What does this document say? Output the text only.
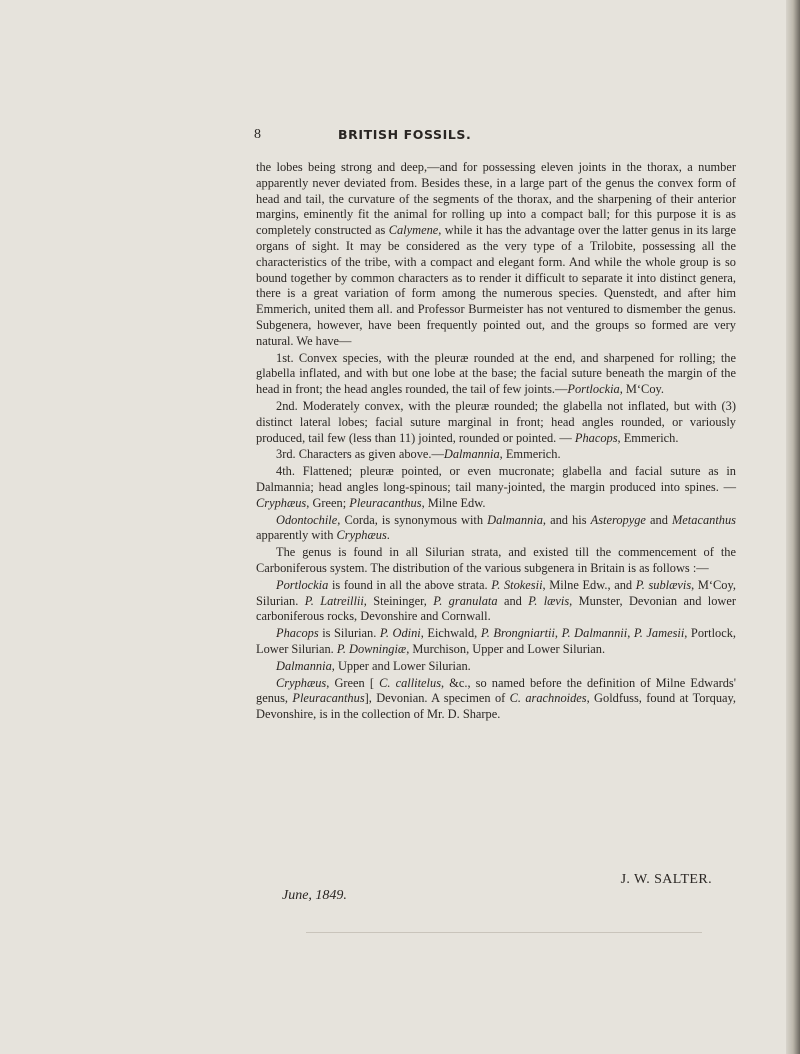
8	BRITISH FOSSILS.

the lobes being strong and deep,—and for possessing eleven joints in the thorax, a number apparently never deviated from. Besides these, in a large part of the genus the convex form of head and tail, the curvature of the segments of the thorax, and the sharpening of their anterior margins, eminently fit the animal for rolling up into a compact ball; for this purpose it is as completely constructed as Calymene, while it has the advantage over the latter genus in its large organs of sight. It may be considered as the very type of a Trilobite, possessing all the characteristics of the tribe, with a compact and elegant form. And while the whole group is so bound together by common characters as to render it difficult to separate it into distinct genera, there is a great variation of form among the numerous species. Quenstedt, and after him Emmerich, united them all. and Professor Burmeister has not ventured to dismember the genus. Subgenera, however, have been frequently pointed out, and the groups so formed are very natural. We have—

1st. Convex species, with the pleuræ rounded at the end, and sharpened for rolling; the glabella inflated, and with but one lobe at the base; the facial suture beneath the margin of the head in front; the head angles rounded, the tail of few joints.—Portlockia, M‘Coy.

2nd. Moderately convex, with the pleuræ rounded; the glabella not inflated, but with (3) distinct lateral lobes; facial suture marginal in front; head angles rounded, or variously produced, tail few (less than 11) jointed, rounded or pointed. — Phacops, Emmerich.

3rd. Characters as given above.—Dalmannia, Emmerich.

4th. Flattened; pleuræ pointed, or even mucronate; glabella and facial suture as in Dalmannia; head angles long-spinous; tail many-jointed, the margin produced into spines. —Cryphæus, Green; Pleuracanthus, Milne Edw.

Odontochile, Corda, is synonymous with Dalmannia, and his Asteropyge and Metacanthus apparently with Cryphæus.

The genus is found in all Silurian strata, and existed till the commencement of the Carboniferous system. The distribution of the various subgenera in Britain is as follows :—

Portlockia is found in all the above strata. P. Stokesii, Milne Edw., and P. sublævis, M‘Coy, Silurian. P. Latreillii, Steininger, P. granulata and P. lævis, Munster, Devonian and lower carboniferous rocks, Devonshire and Cornwall.

Phacops is Silurian. P. Odini, Eichwald, P. Brongniartii, P. Dalmannii, P. Jamesii, Portlock, Lower Silurian. P. Downingiæ, Murchison, Upper and Lower Silurian.

Dalmannia, Upper and Lower Silurian.

Cryphæus, Green [ C. callitelus, &c., so named before the definition of Milne Edwards' genus, Pleuracanthus], Devonian. A specimen of C. arachnoides, Goldfuss, found at Torquay, Devonshire, is in the collection of Mr. D. Sharpe.

J. W. SALTER.
June, 1849.
